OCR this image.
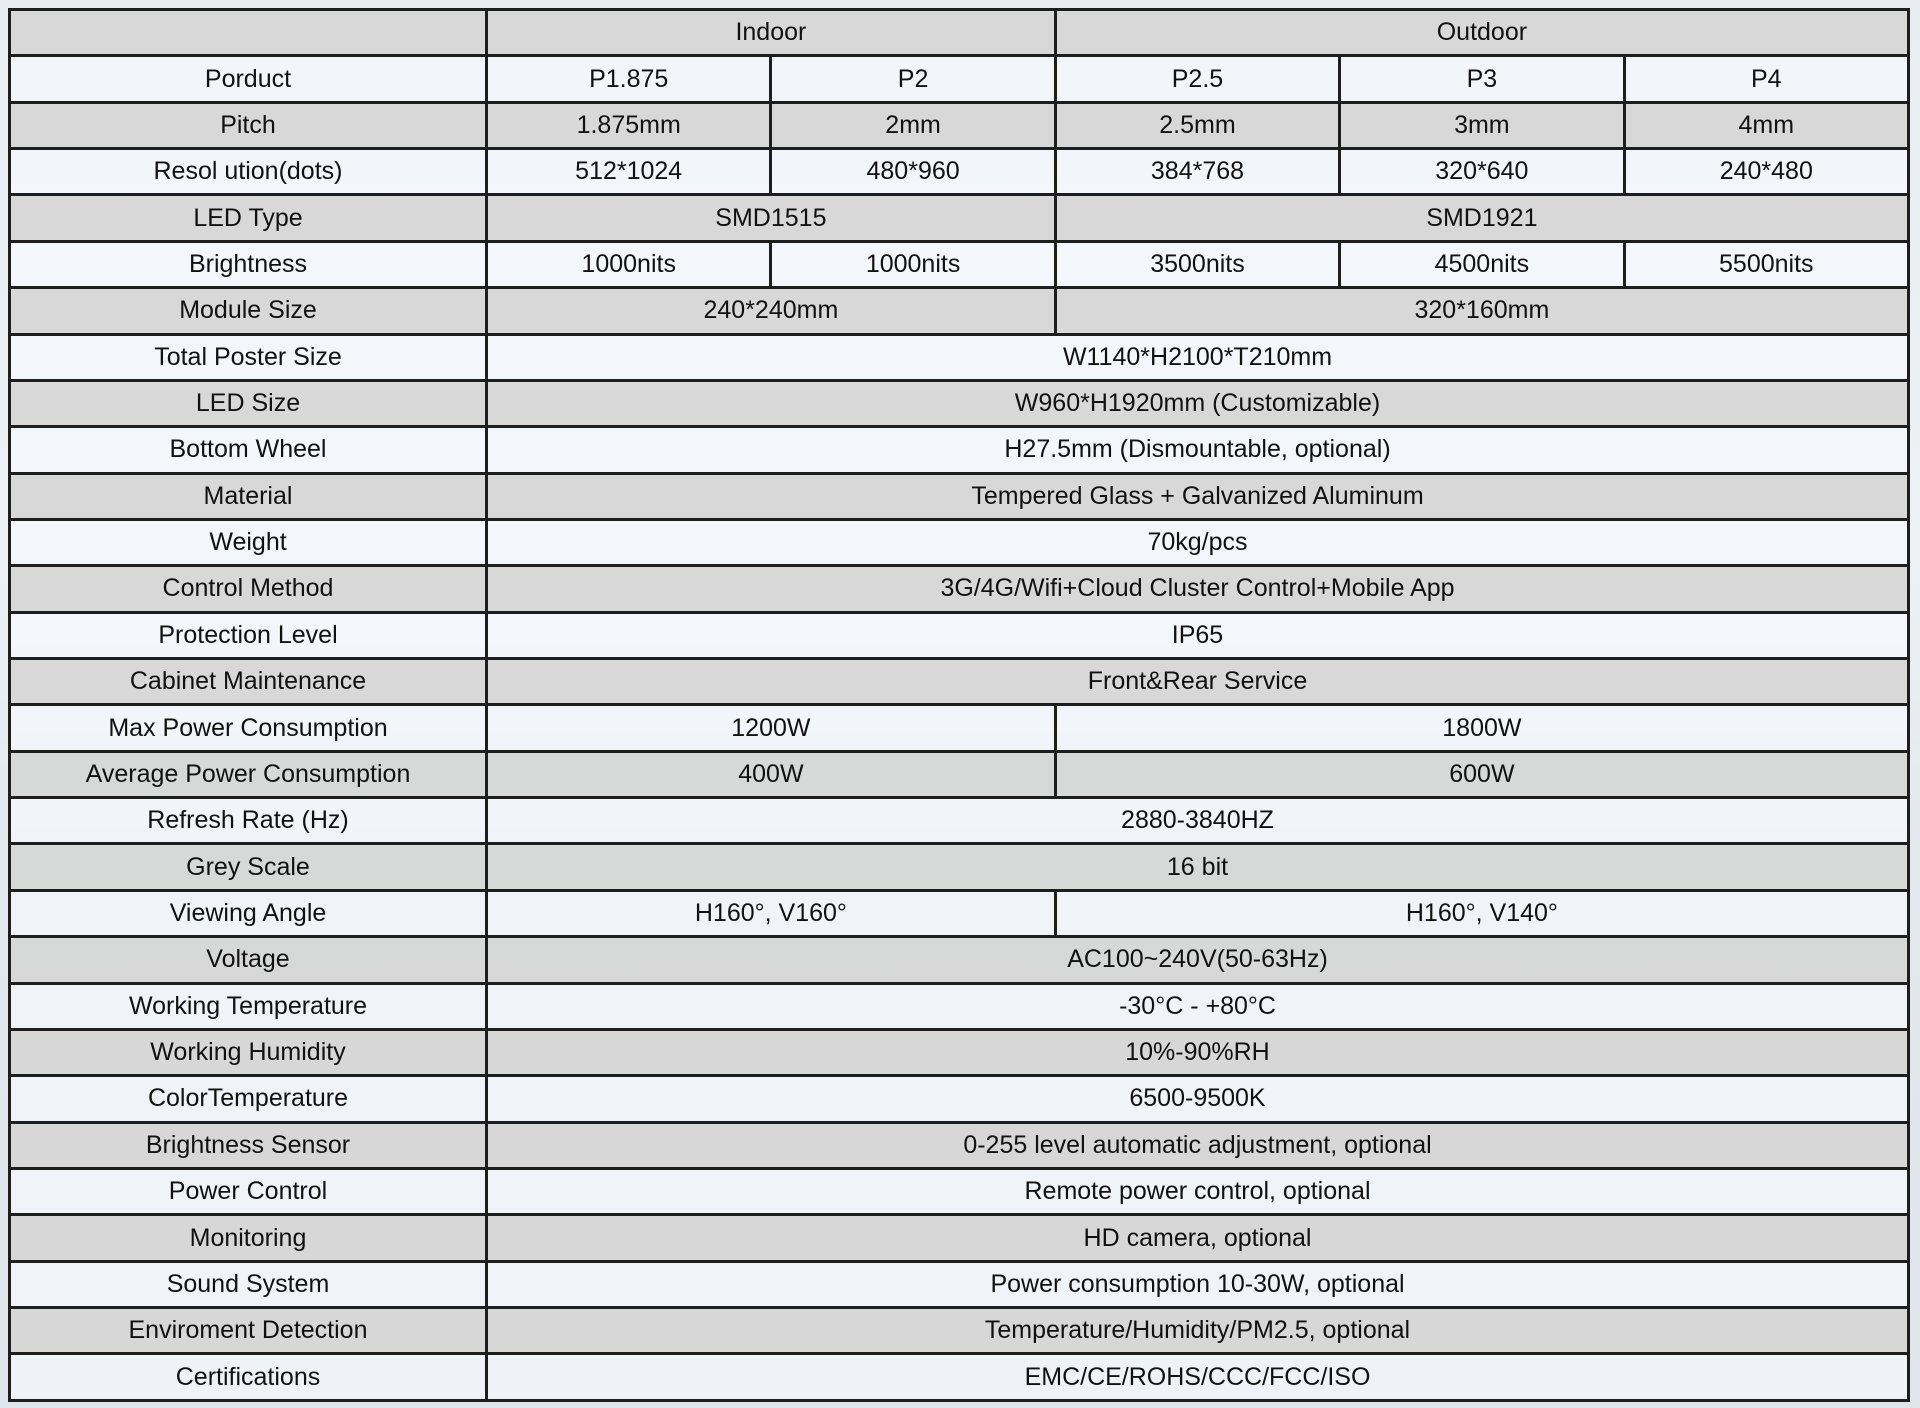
	Indoor		Outdoor		
Porduct	P1.875	P2	P2.5	P3	P4
Pitch	1.875mm	2mm	2.5mm	3mm	4mm
Resol ution(dots)	512*1024	480*960	384*768	320*640	240*480
LED Type	SMD1515		SMD1921		
Brightness	1000nits	1000nits	3500nits	4500nits	5500nits
Module Size	240*240mm		320*160mm		
Total Poster Size	W1140*H2100*T210mm				
LED Size	W960*H1920mm (Customizable)				
Bottom Wheel	H27.5mm (Dismountable, optional)				
Material	Tempered Glass + Galvanized Aluminum				
Weight	70kg/pcs				
Control Method	3G/4G/Wifi+Cloud Cluster Control+Mobile App				
Protection Level	IP65				
Cabinet Maintenance	Front&Rear Service				
Max Power Consumption	1200W		1800W		
Average Power Consumption	400W		600W		
Refresh Rate (Hz)	2880-3840HZ				
Grey Scale	16 bit				
Viewing Angle	H160°, V160°		H160°, V140°		
Voltage	AC100~240V(50-63Hz)				
Working Temperature	-30°C - +80°C				
Working Humidity	10%-90%RH				
ColorTemperature	6500-9500K				
Brightness Sensor	0-255 level automatic adjustment, optional				
Power Control	Remote power control, optional				
Monitoring	HD camera, optional				
Sound System	Power consumption 10-30W, optional				
Enviroment Detection	Temperature/Humidity/PM2.5, optional				
Certifications	EMC/CE/ROHS/CCC/FCC/ISO				
